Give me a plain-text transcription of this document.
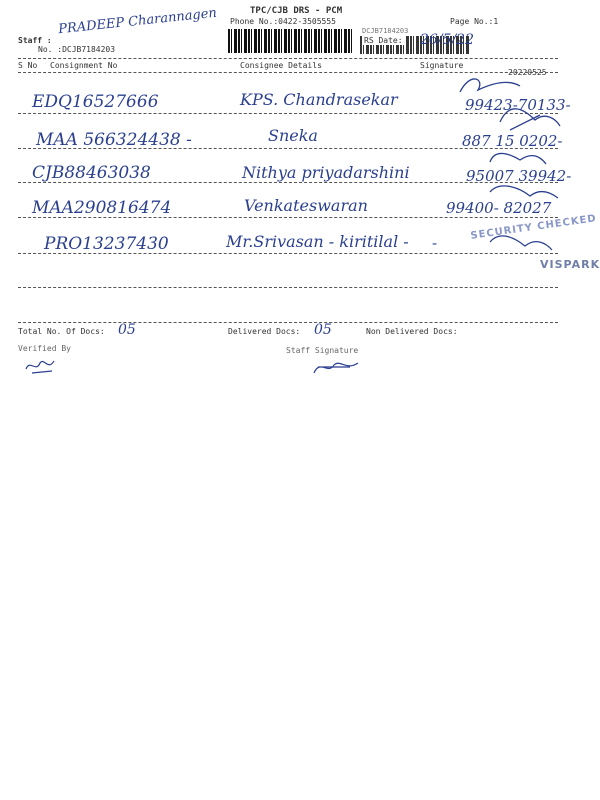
TPC/CJB DRS - PCM
Phone No.:0422-3505555	Page No.:1
PRADEEP Charannagen
Staff :
No. :DCJB7184203
DCJB7184203
RS Date: 26/5/22
S No Consignment No	Consignee Details	Signature
20220525
EDQ16527666	KPS. Chandrasekar	99423-70133-
MAA 566324438 -	Sneka	887 15 0202-
CJB88463038	Nithya priyadarshini	95007 39942-
MAA290816474	Venkateswaran	99400- 82027
PRO13237430	Mr.Srivasan - kiritilal - -
SECURITY CHECKED
VISPARK
Total No. Of Docs: 05	Delivered Docs: 05	Non Delivered Docs:
Verified By	Staff Signature
